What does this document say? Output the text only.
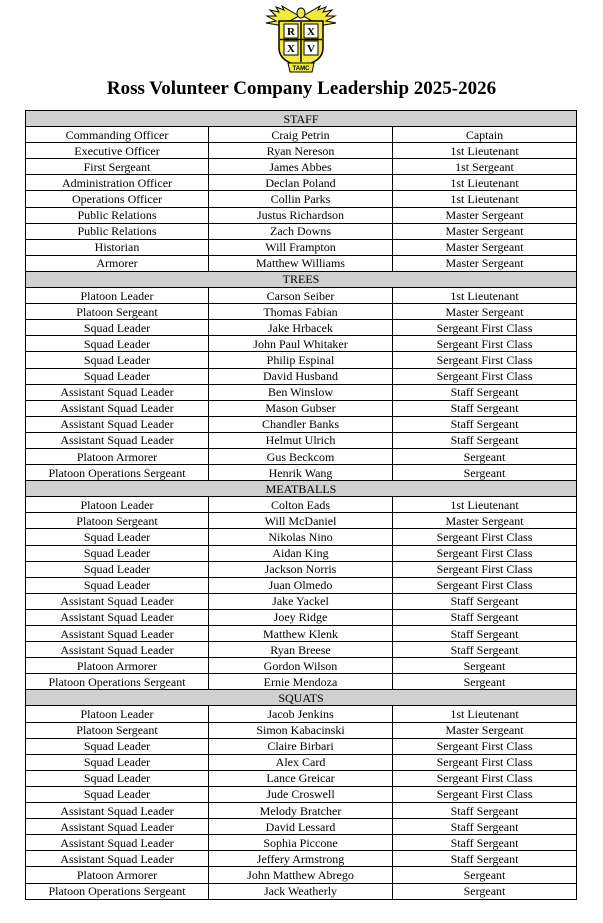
R X
X V
TAMC
Ross Volunteer Company Leadership 2025-2026
STAFF		
Commanding Officer	Craig Petrin	Captain
Executive Officer	Ryan Nereson	1st Lieutenant
First Sergeant	James Abbes	1st Sergeant
Administration Officer	Declan Poland	1st Lieutenant
Operations Officer	Collin Parks	1st Lieutenant
Public Relations	Justus Richardson	Master Sergeant
Public Relations	Zach Downs	Master Sergeant
Historian	Will Frampton	Master Sergeant
Armorer	Matthew Williams	Master Sergeant
TREES		
Platoon Leader	Carson Seiber	1st Lieutenant
Platoon Sergeant	Thomas Fabian	Master Sergeant
Squad Leader	Jake Hrbacek	Sergeant First Class
Squad Leader	John Paul Whitaker	Sergeant First Class
Squad Leader	Philip Espinal	Sergeant First Class
Squad Leader	David Husband	Sergeant First Class
Assistant Squad Leader	Ben Winslow	Staff Sergeant
Assistant Squad Leader	Mason Gubser	Staff Sergeant
Assistant Squad Leader	Chandler Banks	Staff Sergeant
Assistant Squad Leader	Helmut Ulrich	Staff Sergeant
Platoon Armorer	Gus Beckcom	Sergeant
Platoon Operations Sergeant	Henrik Wang	Sergeant
MEATBALLS		
Platoon Leader	Colton Eads	1st Lieutenant
Platoon Sergeant	Will McDaniel	Master Sergeant
Squad Leader	Nikolas Nino	Sergeant First Class
Squad Leader	Aidan King	Sergeant First Class
Squad Leader	Jackson Norris	Sergeant First Class
Squad Leader	Juan Olmedo	Sergeant First Class
Assistant Squad Leader	Jake Yackel	Staff Sergeant
Assistant Squad Leader	Joey Ridge	Staff Sergeant
Assistant Squad Leader	Matthew Klenk	Staff Sergeant
Assistant Squad Leader	Ryan Breese	Staff Sergeant
Platoon Armorer	Gordon Wilson	Sergeant
Platoon Operations Sergeant	Ernie Mendoza	Sergeant
SQUATS		
Platoon Leader	Jacob Jenkins	1st Lieutenant
Platoon Sergeant	Simon Kabacinski	Master Sergeant
Squad Leader	Claire Birbari	Sergeant First Class
Squad Leader	Alex Card	Sergeant First Class
Squad Leader	Lance Greicar	Sergeant First Class
Squad Leader	Jude Croswell	Sergeant First Class
Assistant Squad Leader	Melody Bratcher	Staff Sergeant
Assistant Squad Leader	David Lessard	Staff Sergeant
Assistant Squad Leader	Sophia Piccone	Staff Sergeant
Assistant Squad Leader	Jeffery Armstrong	Staff Sergeant
Platoon Armorer	John Matthew Abrego	Sergeant
Platoon Operations Sergeant	Jack Weatherly	Sergeant
